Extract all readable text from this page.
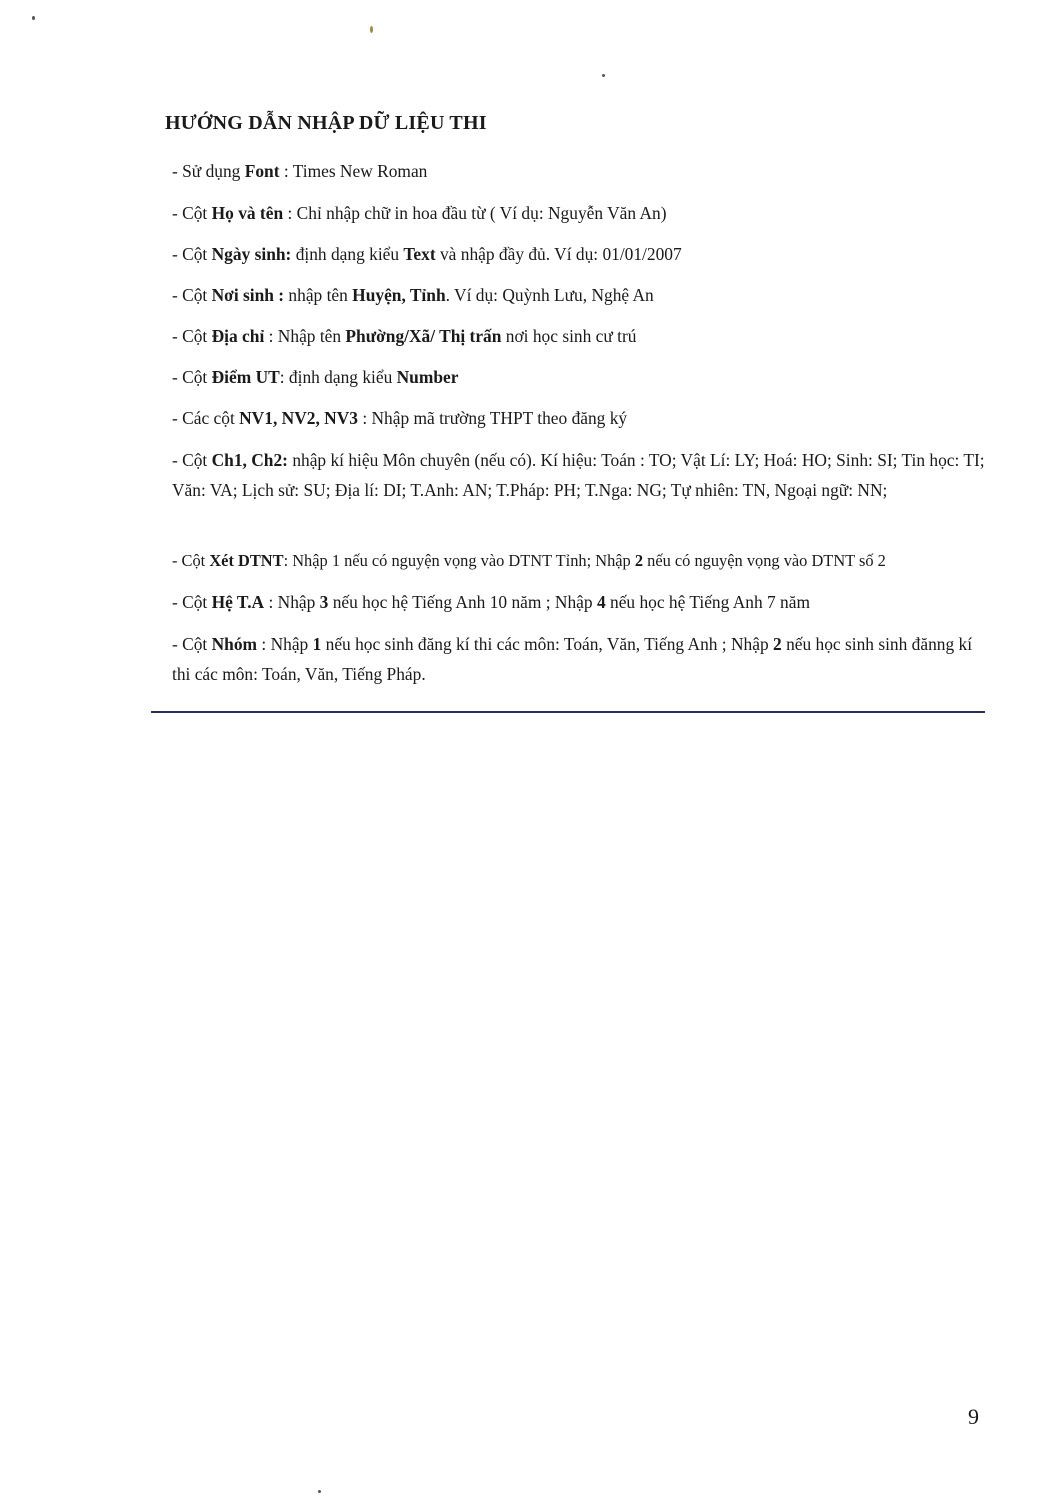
HƯỚNG DẪN NHẬP DỮ LIỆU THI
- Sử dụng Font : Times New Roman
- Cột Họ và tên : Chỉ nhập chữ in hoa đầu từ ( Ví dụ: Nguyễn Văn An)
- Cột Ngày sinh: định dạng kiểu Text và nhập đầy đủ. Ví dụ: 01/01/2007
- Cột Nơi sinh : nhập tên Huyện, Tỉnh. Ví dụ: Quỳnh Lưu, Nghệ An
- Cột Địa chỉ : Nhập tên Phường/Xã/ Thị trấn nơi học sinh cư trú
- Cột Điểm UT: định dạng kiểu Number
- Các cột NV1, NV2, NV3 : Nhập mã trường THPT theo đăng ký
- Cột Ch1, Ch2: nhập kí hiệu Môn chuyên (nếu có). Kí hiệu: Toán : TO; Vật Lí: LY; Hoá: HO; Sinh: SI; Tin học: TI; Văn: VA; Lịch sử: SU; Địa lí: DI; T.Anh: AN; T.Pháp: PH; T.Nga: NG; Tự nhiên: TN, Ngoại ngữ: NN;
- Cột Xét DTNT: Nhập 1 nếu có nguyện vọng vào DTNT Tỉnh; Nhập 2 nếu có nguyện vọng vào DTNT số 2
- Cột Hệ T.A : Nhập 3 nếu học hệ Tiếng Anh 10 năm ; Nhập 4 nếu học hệ Tiếng Anh 7 năm
- Cột Nhóm : Nhập 1 nếu học sinh đăng kí thi các môn: Toán, Văn, Tiếng Anh ; Nhập 2 nếu học sinh sinh đănng kí thi các môn: Toán, Văn, Tiếng Pháp.
9
